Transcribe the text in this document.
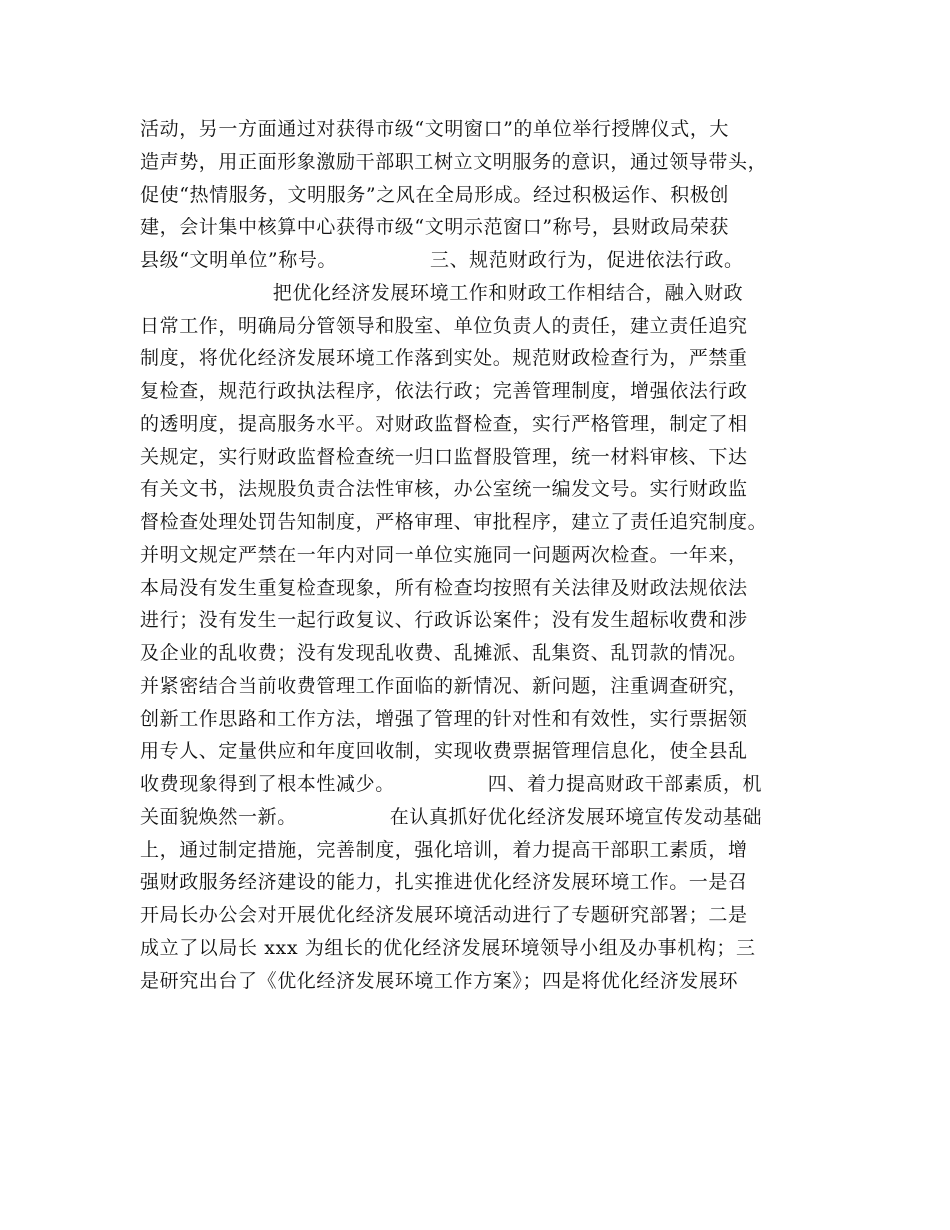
活动，另一方面通过对获得市级“文明窗口”的单位举行授牌仪式，大
造声势，用正面形象激励干部职工树立文明服务的意识，通过领导带头，
促使“热情服务，文明服务”之风在全局形成。经过积极运作、积极创
建，会计集中核算中心获得市级“文明示范窗口”称号，县财政局荣获
县级“文明单位”称号。              三、规范财政行为，促进依法行政。
把优化经济发展环境工作和财政工作相结合，融入财政
日常工作，明确局分管领导和股室、单位负责人的责任，建立责任追究
制度，将优化经济发展环境工作落到实处。规范财政检查行为，严禁重
复检查，规范行政执法程序，依法行政；完善管理制度，增强依法行政
的透明度，提高服务水平。对财政监督检查，实行严格管理，制定了相
关规定，实行财政监督检查统一归口监督股管理，统一材料审核、下达
有关文书，法规股负责合法性审核，办公室统一编发文号。实行财政监
督检查处理处罚告知制度，严格审理、审批程序，建立了责任追究制度。
并明文规定严禁在一年内对同一单位实施同一问题两次检查。一年来，
本局没有发生重复检查现象，所有检查均按照有关法律及财政法规依法
进行；没有发生一起行政复议、行政诉讼案件；没有发生超标收费和涉
及企业的乱收费；没有发现乱收费、乱摊派、乱集资、乱罚款的情况。
并紧密结合当前收费管理工作面临的新情况、新问题，注重调查研究，
创新工作思路和工作方法，增强了管理的针对性和有效性，实行票据领
用专人、定量供应和年度回收制，实现收费票据管理信息化，使全县乱
收费现象得到了根本性减少。              四、着力提高财政干部素质，机
关面貌焕然一新。              在认真抓好优化经济发展环境宣传发动基础
上，通过制定措施，完善制度，强化培训，着力提高干部职工素质，增
强财政服务经济建设的能力，扎实推进优化经济发展环境工作。一是召
开局长办公会对开展优化经济发展环境活动进行了专题研究部署；二是
成立了以局长 xxx 为组长的优化经济发展环境领导小组及办事机构；三
是研究出台了《优化经济发展环境工作方案》；四是将优化经济发展环
